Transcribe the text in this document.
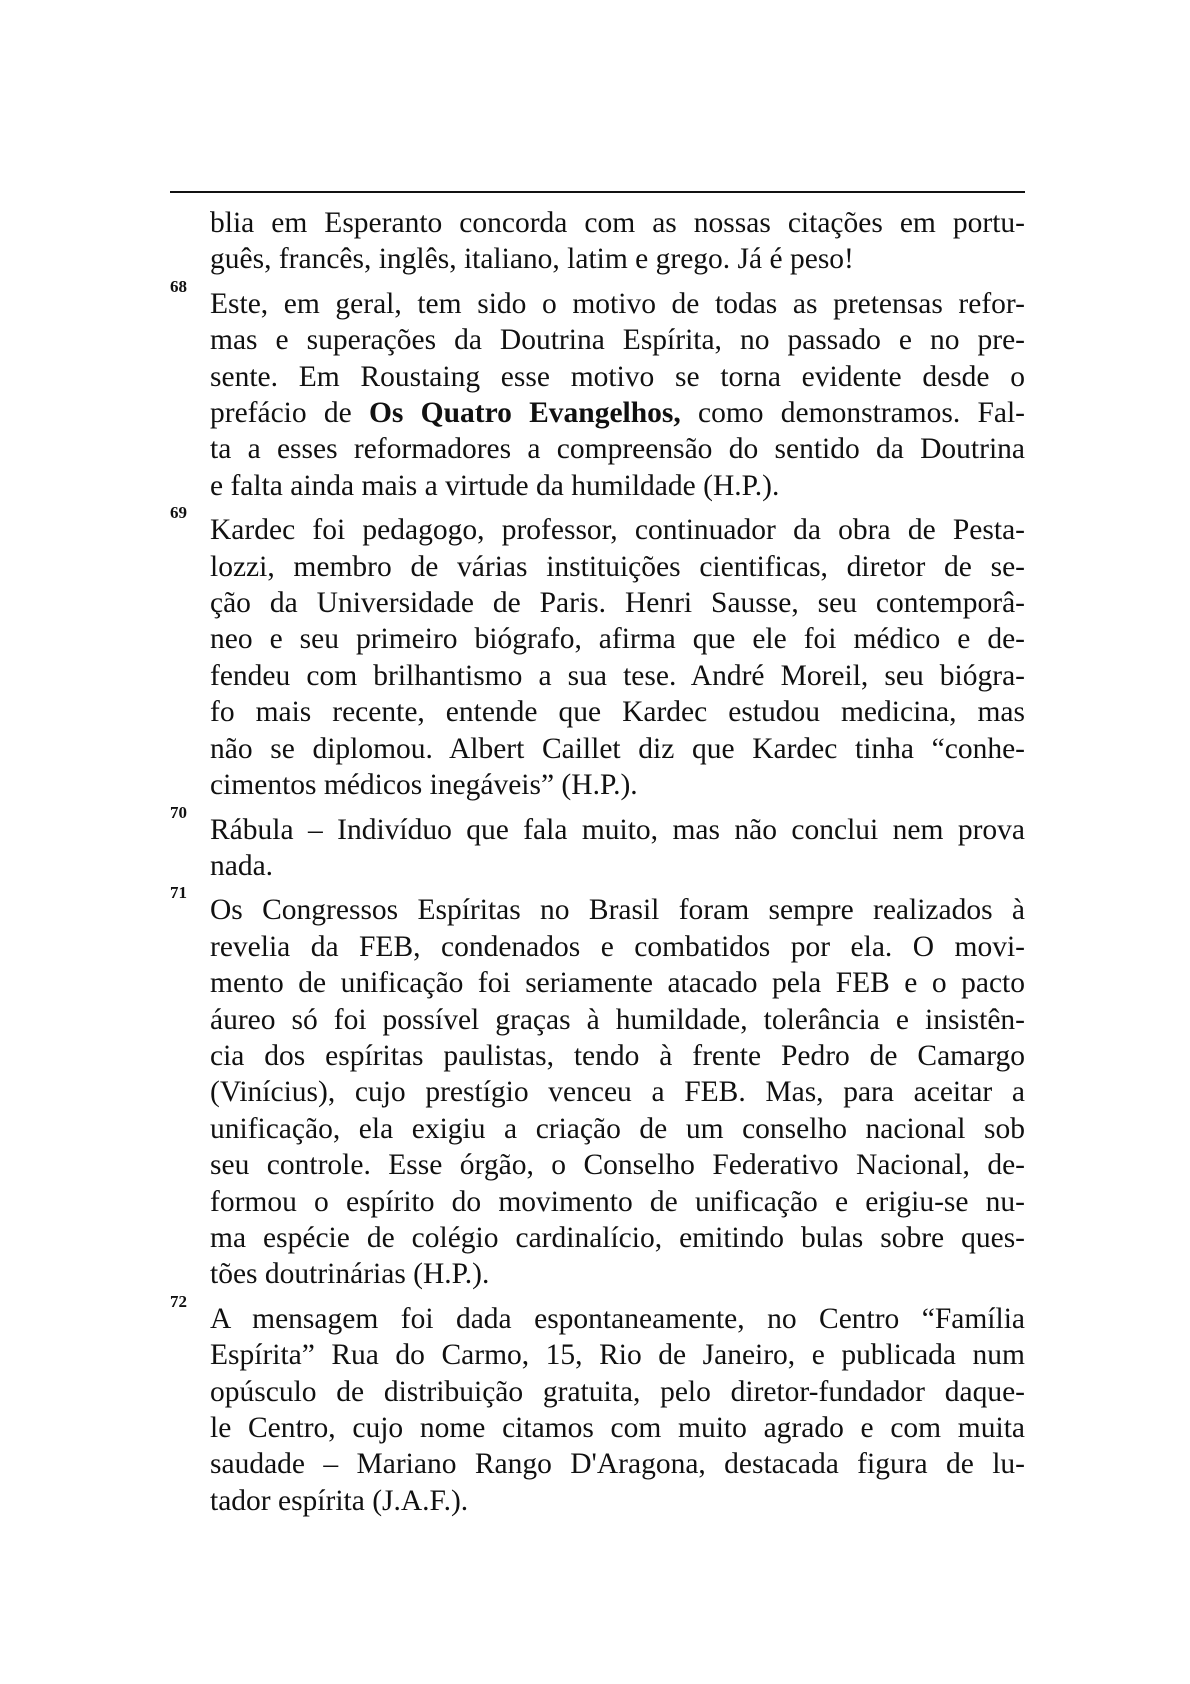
blia em Esperanto concorda com as nossas citações em portu-
guês, francês, inglês, italiano, latim e grego. Já é peso!
68
Este, em geral, tem sido o motivo de todas as pretensas refor-
mas e superações da Doutrina Espírita, no passado e no pre-
sente. Em Roustaing esse motivo se torna evidente desde o
prefácio de Os Quatro Evangelhos, como demonstramos. Fal-
ta a esses reformadores a compreensão do sentido da Doutrina
e falta ainda mais a virtude da humildade (H.P.).
69
Kardec foi pedagogo, professor, continuador da obra de Pesta-
lozzi, membro de várias instituições cientificas, diretor de se-
ção da Universidade de Paris. Henri Sausse, seu contemporâ-
neo e seu primeiro biógrafo, afirma que ele foi médico e de-
fendeu com brilhantismo a sua tese. André Moreil, seu biógra-
fo mais recente, entende que Kardec estudou medicina, mas
não se diplomou. Albert Caillet diz que Kardec tinha “conhe-
cimentos médicos inegáveis” (H.P.).
70
Rábula – Indivíduo que fala muito, mas não conclui nem prova
nada.
71
Os Congressos Espíritas no Brasil foram sempre realizados à
revelia da FEB, condenados e combatidos por ela. O movi-
mento de unificação foi seriamente atacado pela FEB e o pacto
áureo só foi possível graças à humildade, tolerância e insistên-
cia dos espíritas paulistas, tendo à frente Pedro de Camargo
(Vinícius), cujo prestígio venceu a FEB. Mas, para aceitar a
unificação, ela exigiu a criação de um conselho nacional sob
seu controle. Esse órgão, o Conselho Federativo Nacional, de-
formou o espírito do movimento de unificação e erigiu-se nu-
ma espécie de colégio cardinalício, emitindo bulas sobre ques-
tões doutrinárias (H.P.).
72
A mensagem foi dada espontaneamente, no Centro “Família
Espírita” Rua do Carmo, 15, Rio de Janeiro, e publicada num
opúsculo de distribuição gratuita, pelo diretor-fundador daque-
le Centro, cujo nome citamos com muito agrado e com muita
saudade – Mariano Rango D'Aragona, destacada figura de lu-
tador espírita (J.A.F.).
